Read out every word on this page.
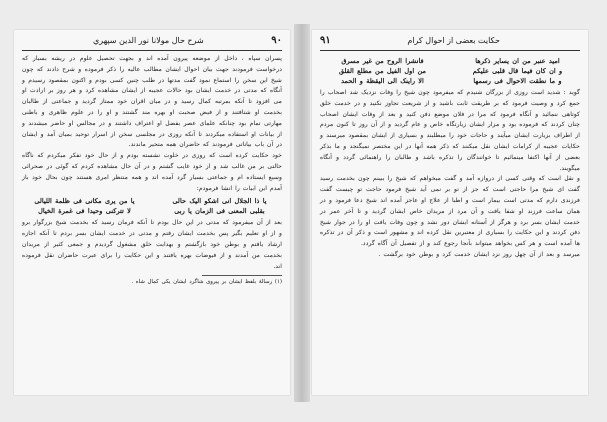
۹۰
شرح حال مولانا نور الدين سپهري

پسران سپاه ، داخل از موضعه پیرون آمده اند و بجهت تحصیل علوم در ریشه بسیار که درخواست فرمودند جهت بیان احوال ایشان مطالب عالیه را ذکر فرموده و شرح دادند که چون شیخ این سخن را استماع نمود گفت مدتها در طلب چنین کسی بودم و اکنون بمقصود رسیدم و آنگاه که مدتی در خدمت ایشان بود حالات عجیبه از ایشان مشاهده کرد و هر روز بر ارادت او می افزود تا آنکه بمرتبه کمال رسید و در میان اقران خود ممتاز گردید و جماعتی از طالبان بخدمت او شتافتند و از فیض صحبت او بهره مند گشتند و او را در علوم ظاهری و باطنی مهارتی تمام بود چنانکه علمای عصر بفضل او اعتراف داشتند و در مجالس او حاضر میشدند و از بیانات او استفاده میکردند تا آنکه روزی در مجلسی سخن از اسرار توحید بمیان آمد و ایشان در آن باب بیاناتی فرمودند که حاضران همه متحیر ماندند.

خود حکایت کرده است که روزی در خلوت نشسته بودم و از حال خود تفکر میکردم که ناگاه حالتی بر من غالب شد و از خود غایب گشتم و در آن حال مشاهده کردم که گوئی در صحرائی وسیع ایستاده ام و جماعتی بسیار گرد آمده اند و همه منتظر امری هستند چون بحال خود باز آمدم این ابیات را انشا فرمودم:

یا ذا الجلال انی اشکو الیک حالی
یا من یری مکانی فی ظلمة اللیالی
بقلبی المعنی فی الزمان یا ربی
لا تترکنی وحیدا فی غمرة الخیال

بعد از آن میفرمود که مدتی در این حال بودم تا آنکه فرمان رسید که بخدمت شیخ بزرگوار برو و از او تعلیم بگیر پس بخدمت ایشان رفتم و مدتی در خدمت ایشان بسر بردم تا آنکه اجازه ارشاد یافتم و بوطن خود بازگشتم و بهدایت خلق مشغول گردیدم و جمعی کثیر از مریدان بخدمت من آمدند و از فیوضات بهره یافتند و این حکایت را برای عبرت حاضران نقل فرموده اند.

(۱) رسالهٔ بلفظ ایشان بر پیروی شاگرد ایشان یکی کمال شاه .

حکایت بعضی از احوال کرام
۹۱
امید عنبر من ان یسایر ذکرها
فانشرا الروح من غیر مسرق
و ان کان فیما قال قلبی علیکم
من اول الفیل من مطلع القلق
و ما نطقت الاحوال فی رسمها
الا راینک الی الیقظة و الحمد

گوید : شدید است روزی از بزرگان شنیدم که میفرمود چون شیخ را وفات نزدیک شد اصحاب را جمع کرد و وصیت فرمود که بر طریقت ثابت باشید و از شریعت تجاوز نکنید و در خدمت خلق کوتاهی ننمائید و آنگاه فرمود که مرا در فلان موضع دفن کنید و بعد از وفات ایشان اصحاب چنان کردند که فرموده بود و مزار ایشان زیارتگاه خاص و عام گردید و از آن روز تا کنون مردم از اطراف بزیارت ایشان میآیند و حاجات خود را میطلبند و بسیاری از ایشان بمقصود میرسند و حکایات عجیبه از کرامات ایشان نقل میکنند که ذکر همه آنها در این مختصر نمیگنجد و ما بذکر بعضی از آنها اکتفا مینمائیم تا خوانندگان را تذکره باشد و طالبان را راهنمائی گردد و آنگاه میگویند.

و نقل است که وقتی کسی از دروازه آمد و گفت میخواهم که شیخ را ببینم چون بخدمت رسید گفت ای شیخ مرا حاجتی است که جز از تو بر نمی آید شیخ فرمود حاجت تو چیست گفت فرزندی دارم که مدتی است بیمار است و اطبا از علاج او عاجز آمده اند شیخ دعا فرمود و در همان ساعت فرزند او شفا یافت و آن مرد از مریدان خاص ایشان گردید و تا آخر عمر در خدمت ایشان بسر برد و هرگز از آستانه ایشان دور نشد و چون وفات یافت او را در جوار شیخ دفن کردند و این حکایت را بسیاری از معتبرین نقل کرده اند و مشهور است و ذکر آن در تذکره ها آمده است و هر کس بخواهد میتواند بآنجا رجوع کند و از تفصیل آن آگاه گردد.

میرسد و بعد از آن چهل روز نزد ایشان خدمت کرد و بوطن خود برگشت .
